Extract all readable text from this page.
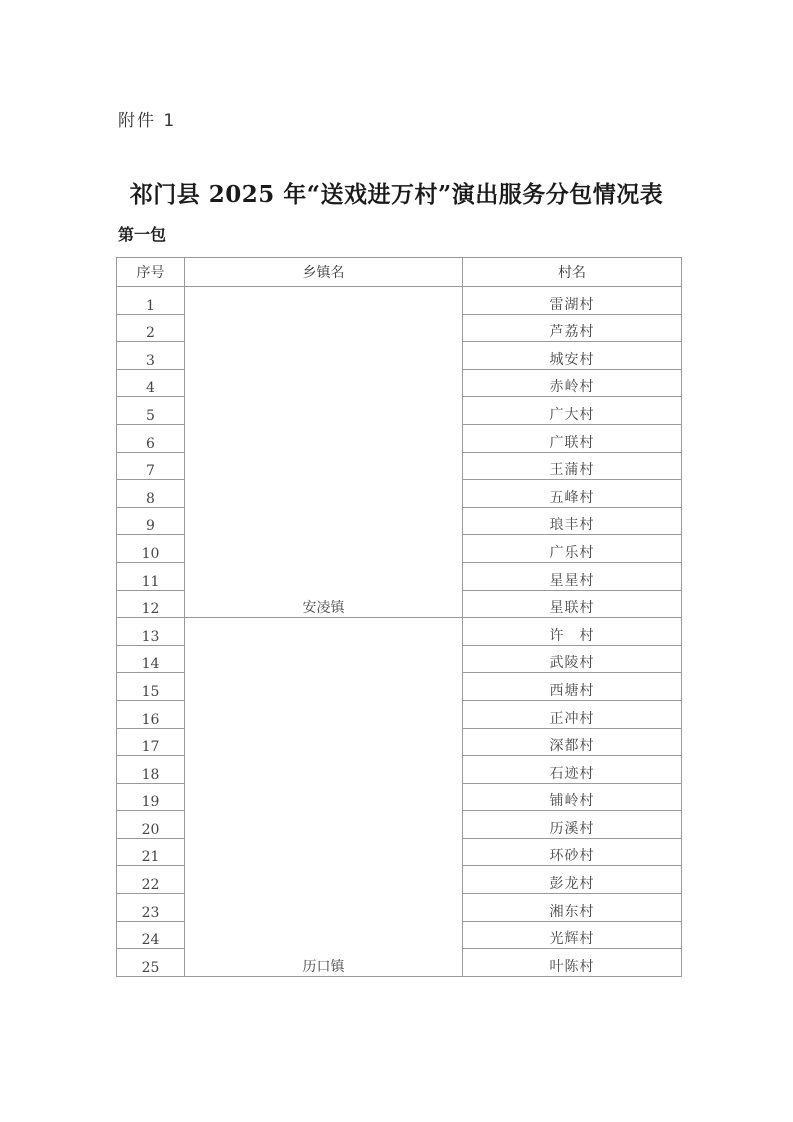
附件 1
祁门县 2025 年“送戏进万村”演出服务分包情况表
第一包
序号	乡镇名	村名
1	安凌镇	雷湖村
2		芦荔村
3		城安村
4		赤岭村
5		广大村
6		广联村
7		王蒲村
8		五峰村
9		琅丰村
10		广乐村
11		星星村
12		星联村
13	历口镇	许　村
14		武陵村
15		西塘村
16		正冲村
17		深都村
18		石迹村
19		铺岭村
20		历溪村
21		环砂村
22		彭龙村
23		湘东村
24		光辉村
25		叶陈村
